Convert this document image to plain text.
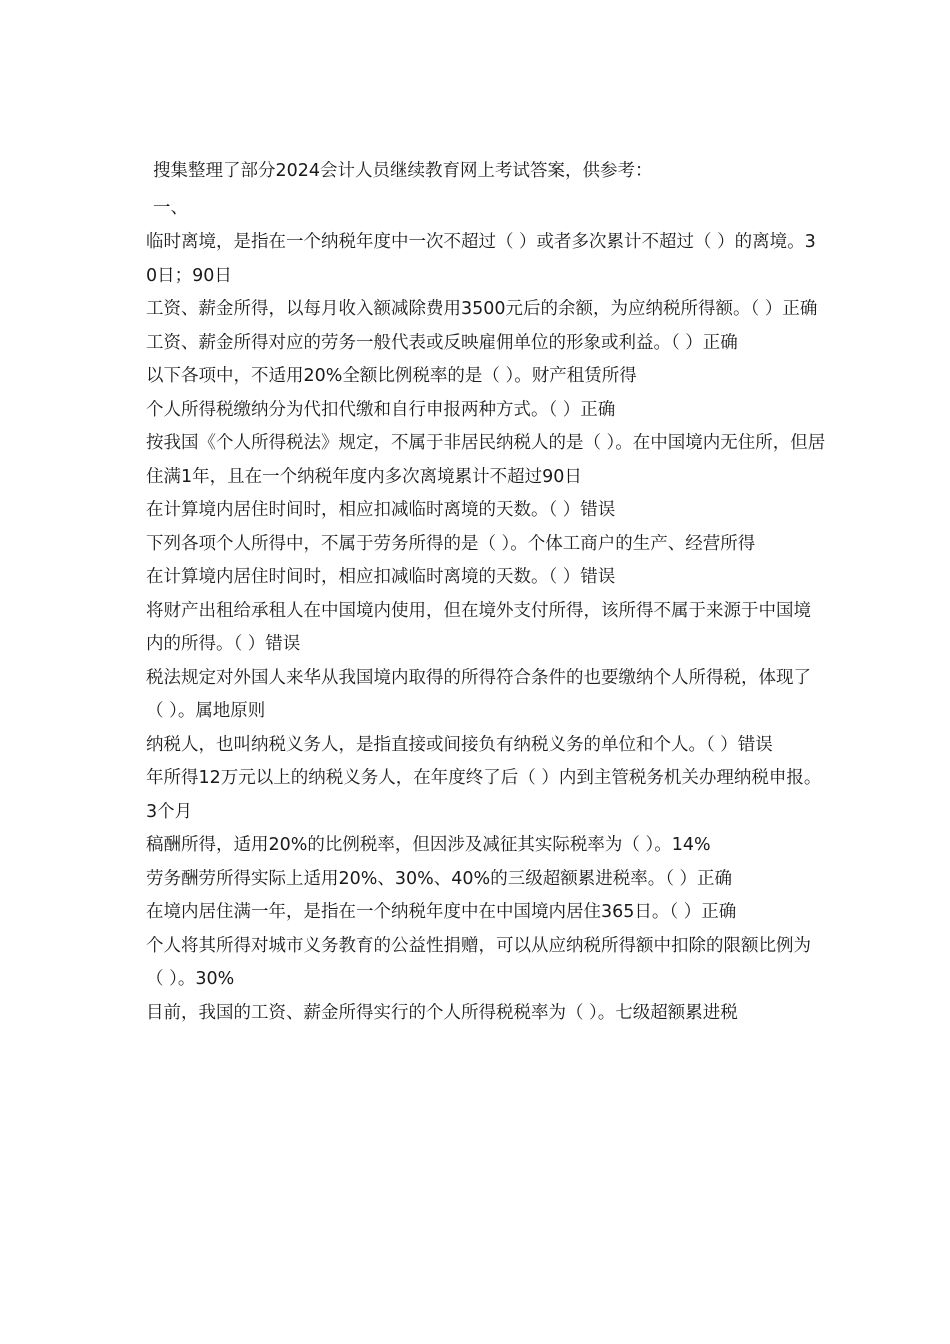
搜集整理了部分2024会计人员继续教育网上考试答案，供参考：
一、

临时离境，是指在一个纳税年度中一次不超过（ ）或者多次累计不超过（ ）的离境。30日；90日

工资、薪金所得，以每月收入额减除费用3500元后的余额，为应纳税所得额。（ ）正确

工资、薪金所得对应的劳务一般代表或反映雇佣单位的形象或利益。（ ）正确

以下各项中，不适用20%全额比例税率的是（ ）。财产租赁所得

个人所得税缴纳分为代扣代缴和自行申报两种方式。（ ）正确

按我国《个人所得税法》规定，不属于非居民纳税人的是（ ）。在中国境内无住所，但居住满1年，且在一个纳税年度内多次离境累计不超过90日

在计算境内居住时间时，相应扣减临时离境的天数。（ ）错误

下列各项个人所得中，不属于劳务所得的是（ ）。个体工商户的生产、经营所得

在计算境内居住时间时，相应扣减临时离境的天数。（ ）错误

将财产出租给承租人在中国境内使用，但在境外支付所得，该所得不属于来源于中国境内的所得。（ ）错误

税法规定对外国人来华从我国境内取得的所得符合条件的也要缴纳个人所得税，体现了（ ）。属地原则

纳税人，也叫纳税义务人，是指直接或间接负有纳税义务的单位和个人。（ ）错误

年所得12万元以上的纳税义务人，在年度终了后（ ）内到主管税务机关办理纳税申报。3个月

稿酬所得，适用20%的比例税率，但因涉及减征其实际税率为（ ）。14%

劳务酬劳所得实际上适用20%、30%、40%的三级超额累进税率。（ ）正确

在境内居住满一年，是指在一个纳税年度中在中国境内居住365日。（ ）正确

个人将其所得对城市义务教育的公益性捐赠，可以从应纳税所得额中扣除的限额比例为（ ）。30%

目前，我国的工资、薪金所得实行的个人所得税税率为（ ）。七级超额累进税
